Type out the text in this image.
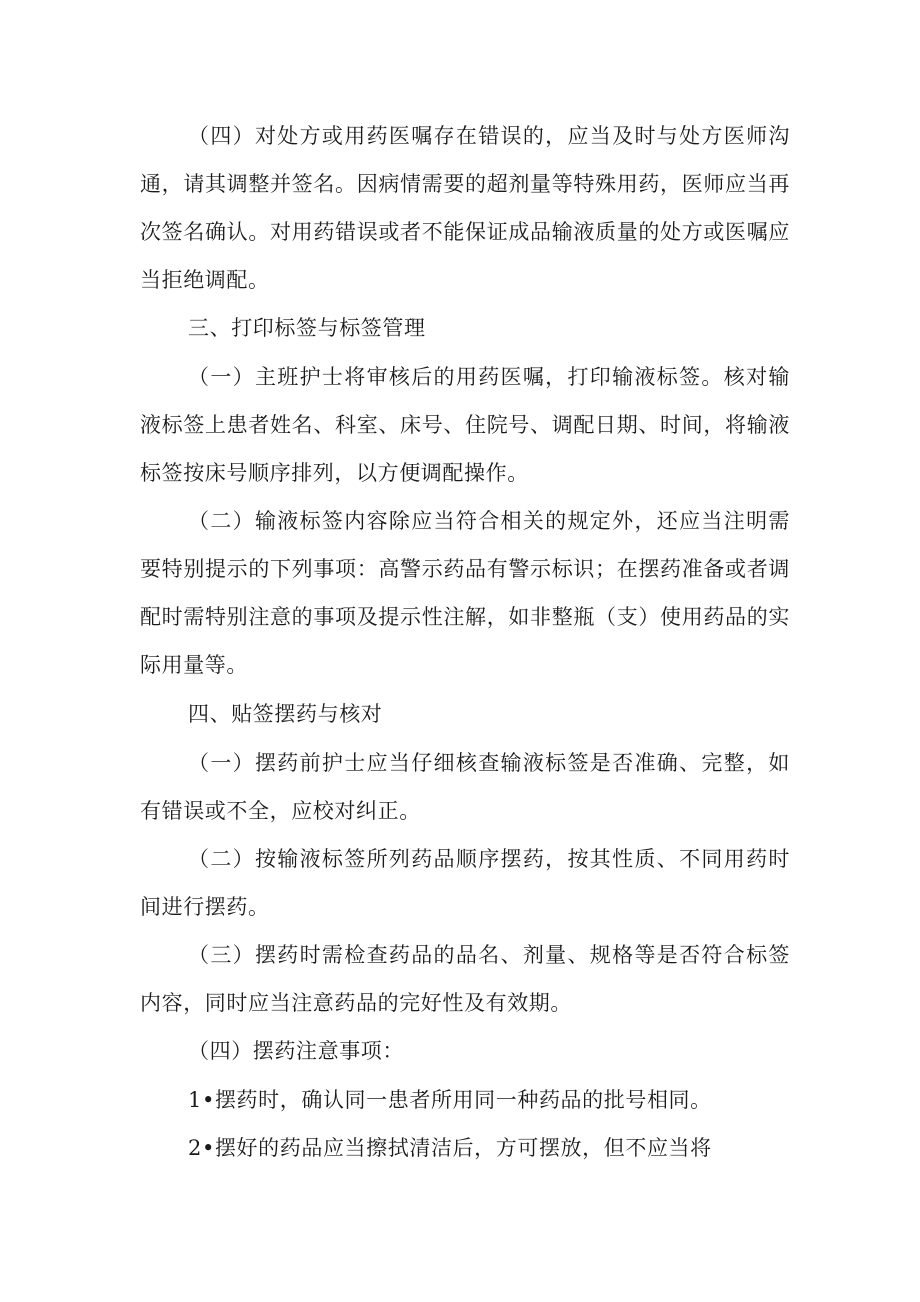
（四）对处方或用药医嘱存在错误的，应当及时与处方医师沟通，请其调整并签名。因病情需要的超剂量等特殊用药，医师应当再次签名确认。对用药错误或者不能保证成品输液质量的处方或医嘱应当拒绝调配。

三、打印标签与标签管理

（一）主班护士将审核后的用药医嘱，打印输液标签。核对输液标签上患者姓名、科室、床号、住院号、调配日期、时间，将输液标签按床号顺序排列，以方便调配操作。

（二）输液标签内容除应当符合相关的规定外，还应当注明需要特别提示的下列事项：高警示药品有警示标识；在摆药准备或者调配时需特别注意的事项及提示性注解，如非整瓶（支）使用药品的实际用量等。

四、贴签摆药与核对

（一）摆药前护士应当仔细核查输液标签是否准确、完整，如有错误或不全，应校对纠正。

（二）按输液标签所列药品顺序摆药，按其性质、不同用药时间进行摆药。

（三）摆药时需检查药品的品名、剂量、规格等是否符合标签内容，同时应当注意药品的完好性及有效期。

（四）摆药注意事项：

1•摆药时，确认同一患者所用同一种药品的批号相同。

2•摆好的药品应当擦拭清洁后，方可摆放，但不应当将
